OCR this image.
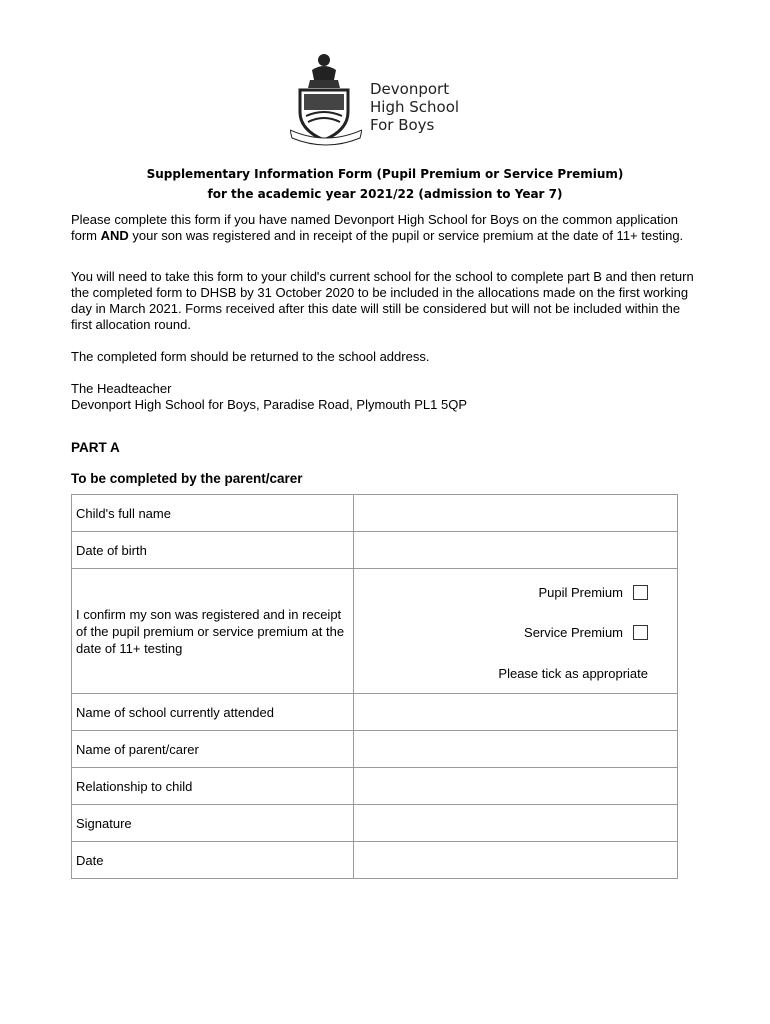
Devonport
High School
For Boys
Supplementary Information Form (Pupil Premium or Service Premium)
for the academic year 2021/22 (admission to Year 7)

Please complete this form if you have named Devonport High School for Boys on the common application form AND your son was registered and in receipt of the pupil or service premium at the date of 11+ testing.

You will need to take this form to your child's current school for the school to complete part B and then return the completed form to DHSB by 31 October 2020 to be included in the allocations made on the first working day in March 2021. Forms received after this date will still be considered but will not be included within the first allocation round.

The completed form should be returned to the school address.

The Headteacher
Devonport High School for Boys, Paradise Road, Plymouth PL1 5QP
PART A
To be completed by the parent/carer
Child's full name	
Date of birth	
I confirm my son was registered and in receipt of the pupil premium or service premium at the date of 11+ testing	Pupil Premium
Service Premium
Please tick as appropriate

Name of school currently attended	
Name of parent/carer	
Relationship to child	
Signature	
Date	
